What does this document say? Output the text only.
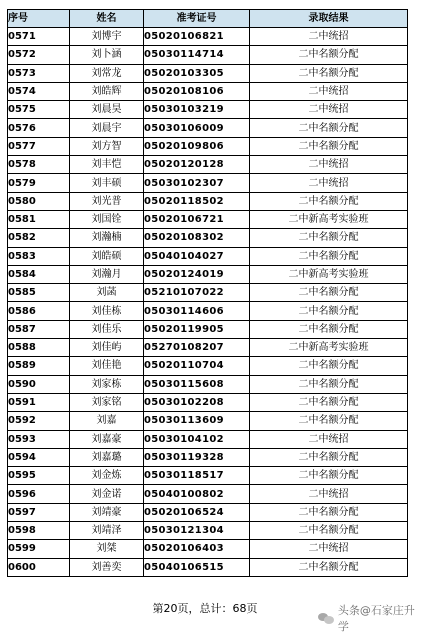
序号	姓名	准考证号	录取结果
0571	刘博宇	05020106821	二中统招
0572	刘卜涵	05030114714	二中名额分配
0573	刘常龙	05020103305	二中名额分配
0574	刘皓辉	05020108106	二中统招
0575	刘晨昊	05030103219	二中统招
0576	刘晨宇	05030106009	二中名额分配
0577	刘方智	05020109806	二中名额分配
0578	刘丰恺	05020120128	二中统招
0579	刘丰硕	05030102307	二中统招
0580	刘光普	05020118502	二中名额分配
0581	刘国铨	05020106721	二中新高考实验班
0582	刘瀚楠	05020108302	二中名额分配
0583	刘皓硕	05040104027	二中名额分配
0584	刘瀚月	05020124019	二中新高考实验班
0585	刘菡	05210107022	二中名额分配
0586	刘佳栋	05030114606	二中名额分配
0587	刘佳乐	05020119905	二中名额分配
0588	刘佳屿	05270108207	二中新高考实验班
0589	刘佳艳	05020110704	二中名额分配
0590	刘家栋	05030115608	二中名额分配
0591	刘家铭	05030102208	二中名额分配
0592	刘嘉	05030113609	二中名额分配
0593	刘嘉豪	05030104102	二中统招
0594	刘嘉璐	05030119328	二中名额分配
0595	刘金炼	05030118517	二中名额分配
0596	刘金诺	05040100802	二中统招
0597	刘靖豪	05020106524	二中名额分配
0598	刘靖泽	05030121304	二中名额分配
0599	刘桀	05020106403	二中统招
0600	刘善奕	05040106515	二中名额分配
第20页，总计：68页	头条@石家庄升学
